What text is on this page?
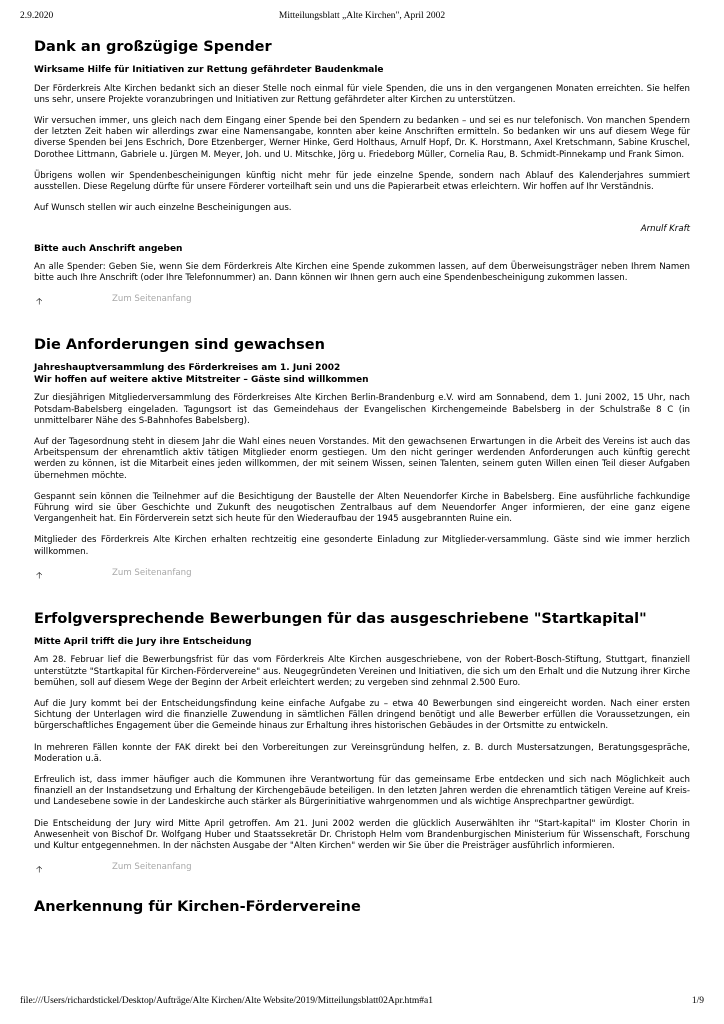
2.9.2020	Mitteilungsblatt „Alte Kirchen", April 2002
Dank an großzügige Spender
Wirksame Hilfe für Initiativen zur Rettung gefährdeter Baudenkmale

Der Förderkreis Alte Kirchen bedankt sich an dieser Stelle noch einmal für viele Spenden, die uns in den vergangenen Monaten erreichten. Sie helfen uns sehr, unsere Projekte voranzubringen und Initiativen zur Rettung gefährdeter alter Kirchen zu unterstützen.

Wir versuchen immer, uns gleich nach dem Eingang einer Spende bei den Spendern zu bedanken – und sei es nur telefonisch. Von manchen Spendern der letzten Zeit haben wir allerdings zwar eine Namensangabe, konnten aber keine Anschriften ermitteln. So bedanken wir uns auf diesem Wege für diverse Spenden bei Jens Eschrich, Dore Etzenberger, Werner Hinke, Gerd Holthaus, Arnulf Hopf, Dr. K. Horstmann, Axel Kretschmann, Sabine Kruschel, Dorothee Littmann, Gabriele u. Jürgen M. Meyer, Joh. und U. Mitschke, Jörg u. Friedeborg Müller, Cornelia Rau, B. Schmidt-Pinnekamp und Frank Simon.

Übrigens wollen wir Spendenbescheinigungen künftig nicht mehr für jede einzelne Spende, sondern nach Ablauf des Kalenderjahres summiert ausstellen. Diese Regelung dürfte für unsere Förderer vorteilhaft sein und uns die Papierarbeit etwas erleichtern. Wir hoffen auf Ihr Verständnis.

Auf Wunsch stellen wir auch einzelne Bescheinigungen aus.

Arnulf Kraft

Bitte auch Anschrift angeben

An alle Spender: Geben Sie, wenn Sie dem Förderkreis Alte Kirchen eine Spende zukommen lassen, auf dem Überweisungsträger neben Ihrem Namen bitte auch Ihre Anschrift (oder Ihre Telefonnummer) an. Dann können wir Ihnen gern auch eine Spendenbescheinigung zukommen lassen.

🡡	Zum Seitenanfang
Die Anforderungen sind gewachsen
Jahreshauptversammlung des Förderkreises am 1. Juni 2002
Wir hoffen auf weitere aktive Mitstreiter – Gäste sind willkommen

Zur diesjährigen Mitgliederversammlung des Förderkreises Alte Kirchen Berlin-Brandenburg e.V. wird am Sonnabend, dem 1. Juni 2002, 15 Uhr, nach Potsdam-Babelsberg eingeladen. Tagungsort ist das Gemeindehaus der Evangelischen Kirchengemeinde Babelsberg in der Schulstraße 8 C (in unmittelbarer Nähe des S-Bahnhofes Babelsberg).

Auf der Tagesordnung steht in diesem Jahr die Wahl eines neuen Vorstandes. Mit den gewachsenen Erwartungen in die Arbeit des Vereins ist auch das Arbeitspensum der ehrenamtlich aktiv tätigen Mitglieder enorm gestiegen. Um den nicht geringer werdenden Anforderungen auch künftig gerecht werden zu können, ist die Mitarbeit eines jeden willkommen, der mit seinem Wissen, seinen Talenten, seinem guten Willen einen Teil dieser Aufgaben übernehmen möchte.

Gespannt sein können die Teilnehmer auf die Besichtigung der Baustelle der Alten Neuendorfer Kirche in Babelsberg. Eine ausführliche fachkundige Führung wird sie über Geschichte und Zukunft des neugotischen Zentralbaus auf dem Neuendorfer Anger informieren, der eine ganz eigene Vergangenheit hat. Ein Förderverein setzt sich heute für den Wiederaufbau der 1945 ausgebrannten Ruine ein.

Mitglieder des Förderkreis Alte Kirchen erhalten rechtzeitig eine gesonderte Einladung zur Mitglieder-versammlung. Gäste sind wie immer herzlich willkommen.

🡡	Zum Seitenanfang
Erfolgversprechende Bewerbungen für das ausgeschriebene "Startkapital"
Mitte April trifft die Jury ihre Entscheidung

Am 28. Februar lief die Bewerbungsfrist für das vom Förderkreis Alte Kirchen ausgeschriebene, von der Robert-Bosch-Stiftung, Stuttgart, finanziell unterstützte "Startkapital für Kirchen-Fördervereine" aus. Neugegründeten Vereinen und Initiativen, die sich um den Erhalt und die Nutzung ihrer Kirche bemühen, soll auf diesem Wege der Beginn der Arbeit erleichtert werden; zu vergeben sind zehnmal 2.500 Euro.

Auf die Jury kommt bei der Entscheidungsfindung keine einfache Aufgabe zu – etwa 40 Bewerbungen sind eingereicht worden. Nach einer ersten Sichtung der Unterlagen wird die finanzielle Zuwendung in sämtlichen Fällen dringend benötigt und alle Bewerber erfüllen die Voraussetzungen, ein bürgerschaftliches Engagement über die Gemeinde hinaus zur Erhaltung ihres historischen Gebäudes in der Ortsmitte zu entwickeln.

In mehreren Fällen konnte der FAK direkt bei den Vorbereitungen zur Vereinsgründung helfen, z. B. durch Mustersatzungen, Beratungsgespräche, Moderation u.ä.

Erfreulich ist, dass immer häufiger auch die Kommunen ihre Verantwortung für das gemeinsame Erbe entdecken und sich nach Möglichkeit auch finanziell an der Instandsetzung und Erhaltung der Kirchengebäude beteiligen. In den letzten Jahren werden die ehrenamtlich tätigen Vereine auf Kreis- und Landesebene sowie in der Landeskirche auch stärker als Bürgerinitiative wahrgenommen und als wichtige Ansprechpartner gewürdigt.

Die Entscheidung der Jury wird Mitte April getroffen. Am 21. Juni 2002 werden die glücklich Auserwählten ihr "Start-kapital" im Kloster Chorin in Anwesenheit von Bischof Dr. Wolfgang Huber und Staatssekretär Dr. Christoph Helm vom Brandenburgischen Ministerium für Wissenschaft, Forschung und Kultur entgegennehmen. In der nächsten Ausgabe der "Alten Kirchen" werden wir Sie über die Preisträger ausführlich informieren.

🡡	Zum Seitenanfang
Anerkennung für Kirchen-Fördervereine
file:///Users/richardstickel/Desktop/Aufträge/Alte Kirchen/Alte Website/2019/Mitteilungsblatt02Apr.htm#a1	1/9
